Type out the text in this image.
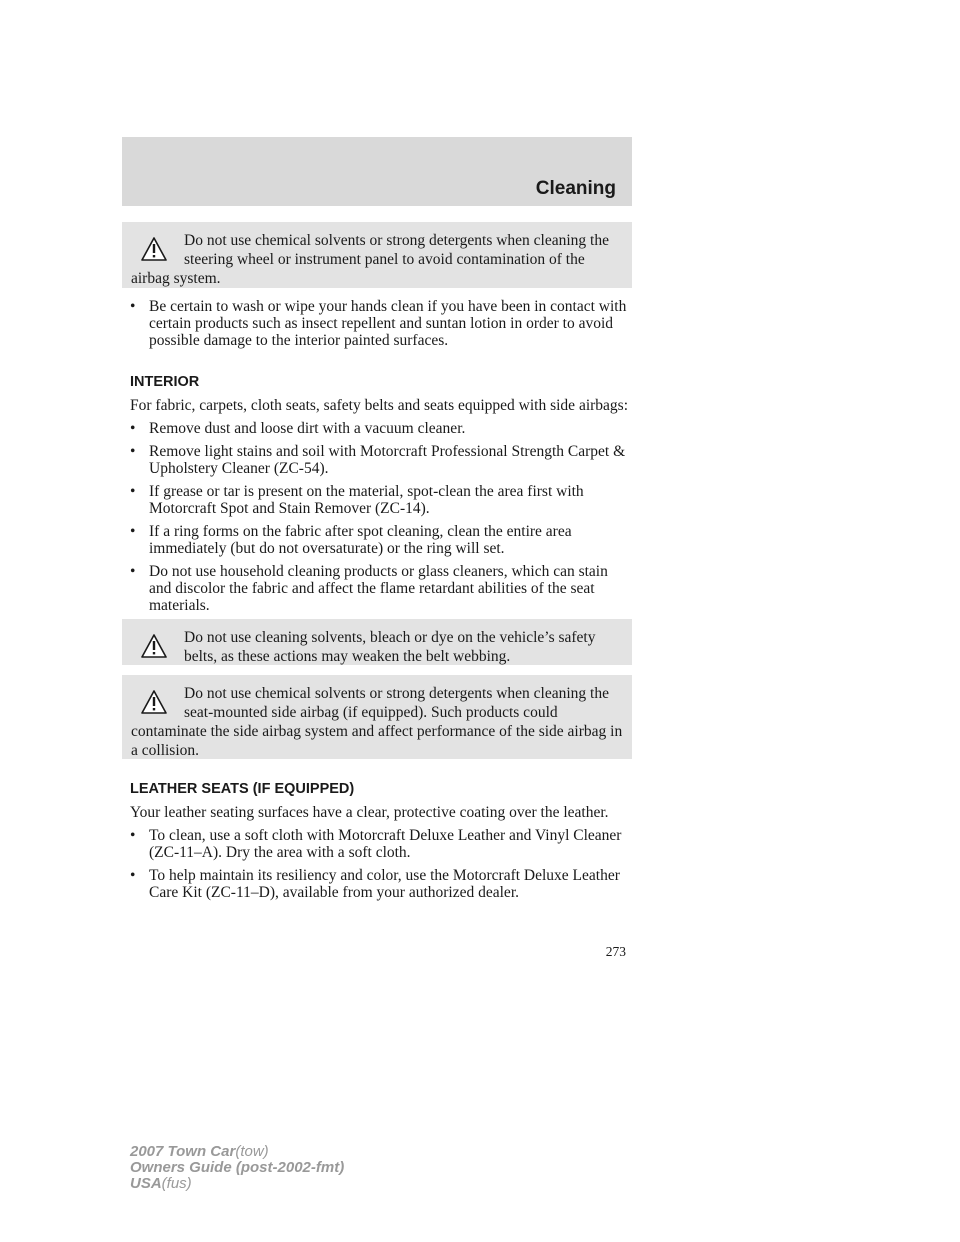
Cleaning
Do not use chemical solvents or strong detergents when cleaning the steering wheel or instrument panel to avoid contamination of the airbag system.
• Be certain to wash or wipe your hands clean if you have been in contact with certain products such as insect repellent and suntan lotion in order to avoid possible damage to the interior painted surfaces.
INTERIOR
For fabric, carpets, cloth seats, safety belts and seats equipped with side airbags:
• Remove dust and loose dirt with a vacuum cleaner.
• Remove light stains and soil with Motorcraft Professional Strength Carpet & Upholstery Cleaner (ZC-54).
• If grease or tar is present on the material, spot-clean the area first with Motorcraft Spot and Stain Remover (ZC-14).
• If a ring forms on the fabric after spot cleaning, clean the entire area immediately (but do not oversaturate) or the ring will set.
• Do not use household cleaning products or glass cleaners, which can stain and discolor the fabric and affect the flame retardant abilities of the seat materials.
Do not use cleaning solvents, bleach or dye on the vehicle’s safety belts, as these actions may weaken the belt webbing.
Do not use chemical solvents or strong detergents when cleaning the seat-mounted side airbag (if equipped). Such products could contaminate the side airbag system and affect performance of the side airbag in a collision.
LEATHER SEATS (IF EQUIPPED)
Your leather seating surfaces have a clear, protective coating over the leather.
• To clean, use a soft cloth with Motorcraft Deluxe Leather and Vinyl Cleaner (ZC-11–A). Dry the area with a soft cloth.
• To help maintain its resiliency and color, use the Motorcraft Deluxe Leather Care Kit (ZC-11–D), available from your authorized dealer.
273
2007 Town Car(tow)
Owners Guide (post-2002-fmt)
USA(fus)
